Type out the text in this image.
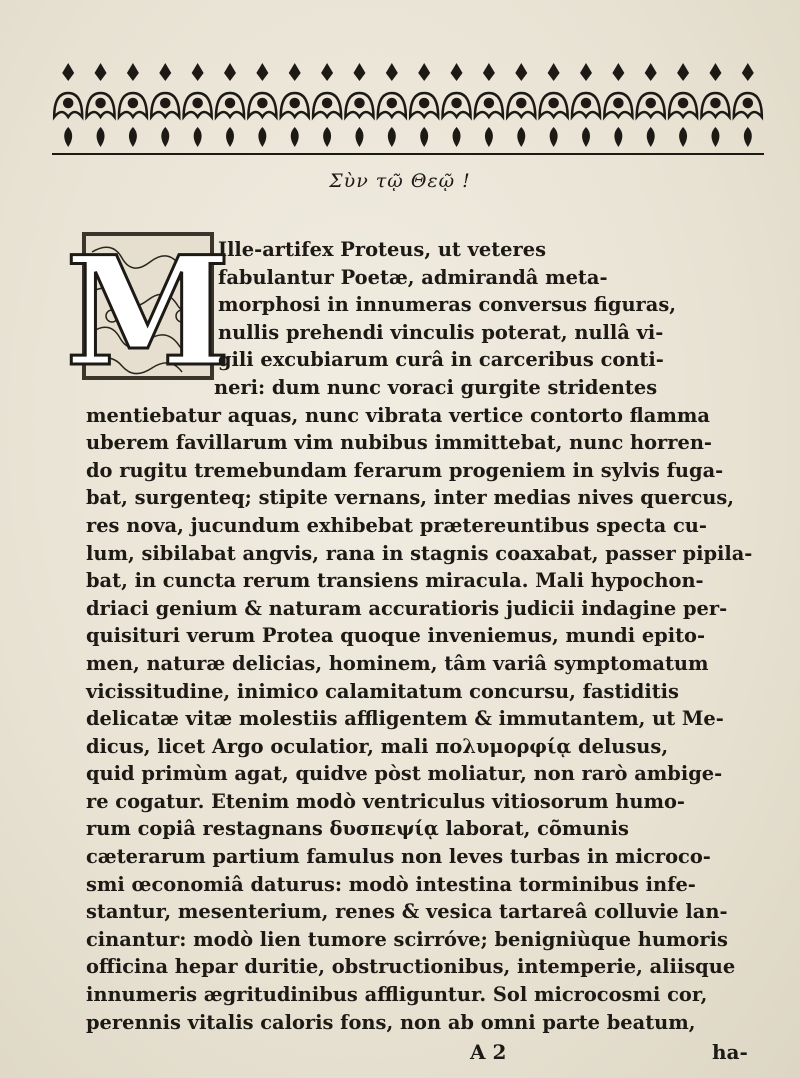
Σὺν τῷ Θεῷ !
M
Ille-artifex Proteus, ut veteres
fabulantur Poetæ, admirandâ meta-
morphosi in innumeras conversus figuras,
nullis prehendi vinculis poterat, nullâ vi-
gili excubiarum curâ in carceribus conti-
neri: dum nunc voraci gurgite stridentes
mentiebatur aquas, nunc vibrata vertice contorto flamma
uberem favillarum vim nubibus immittebat, nunc horren-
do rugitu tremebundam ferarum progeniem in sylvis fuga-
bat, surgenteq; stipite vernans, inter medias nives quercus,
res nova, jucundum exhibebat prætereuntibus specta cu-
lum, sibilabat angvis, rana in stagnis coaxabat, passer pipila-
bat, in cuncta rerum transiens miracula. Mali hypochon-
driaci genium & naturam accuratioris judicii indagine per-
quisituri verum Protea quoque inveniemus, mundi epito-
men, naturæ delicias, hominem, tâm variâ symptomatum
vicissitudine, inimico calamitatum concursu, fastiditis
delicatæ vitæ molestiis affligentem & immutantem, ut Me-
dicus, licet Argo oculatior, mali πολυμορφίᾳ delusus,
quid primùm agat, quidve pòst moliatur, non rarò ambige-
re cogatur. Etenim modò ventriculus vitiosorum humo-
rum copiâ restagnans δυσπεψίᾳ laborat, cõmunis
cæterarum partium famulus non leves turbas in microco-
smi œconomiâ daturus: modò intestina torminibus infe-
stantur, mesenterium, renes & vesica tartareâ colluvie lan-
cinantur: modò lien tumore scirróve; benigniùque humoris
officina hepar duritie, obstructionibus, intemperie, aliisque
innumeris ægritudinibus affliguntur. Sol microcosmi cor,
perennis vitalis caloris fons, non ab omni parte beatum,
A 2	ha-
